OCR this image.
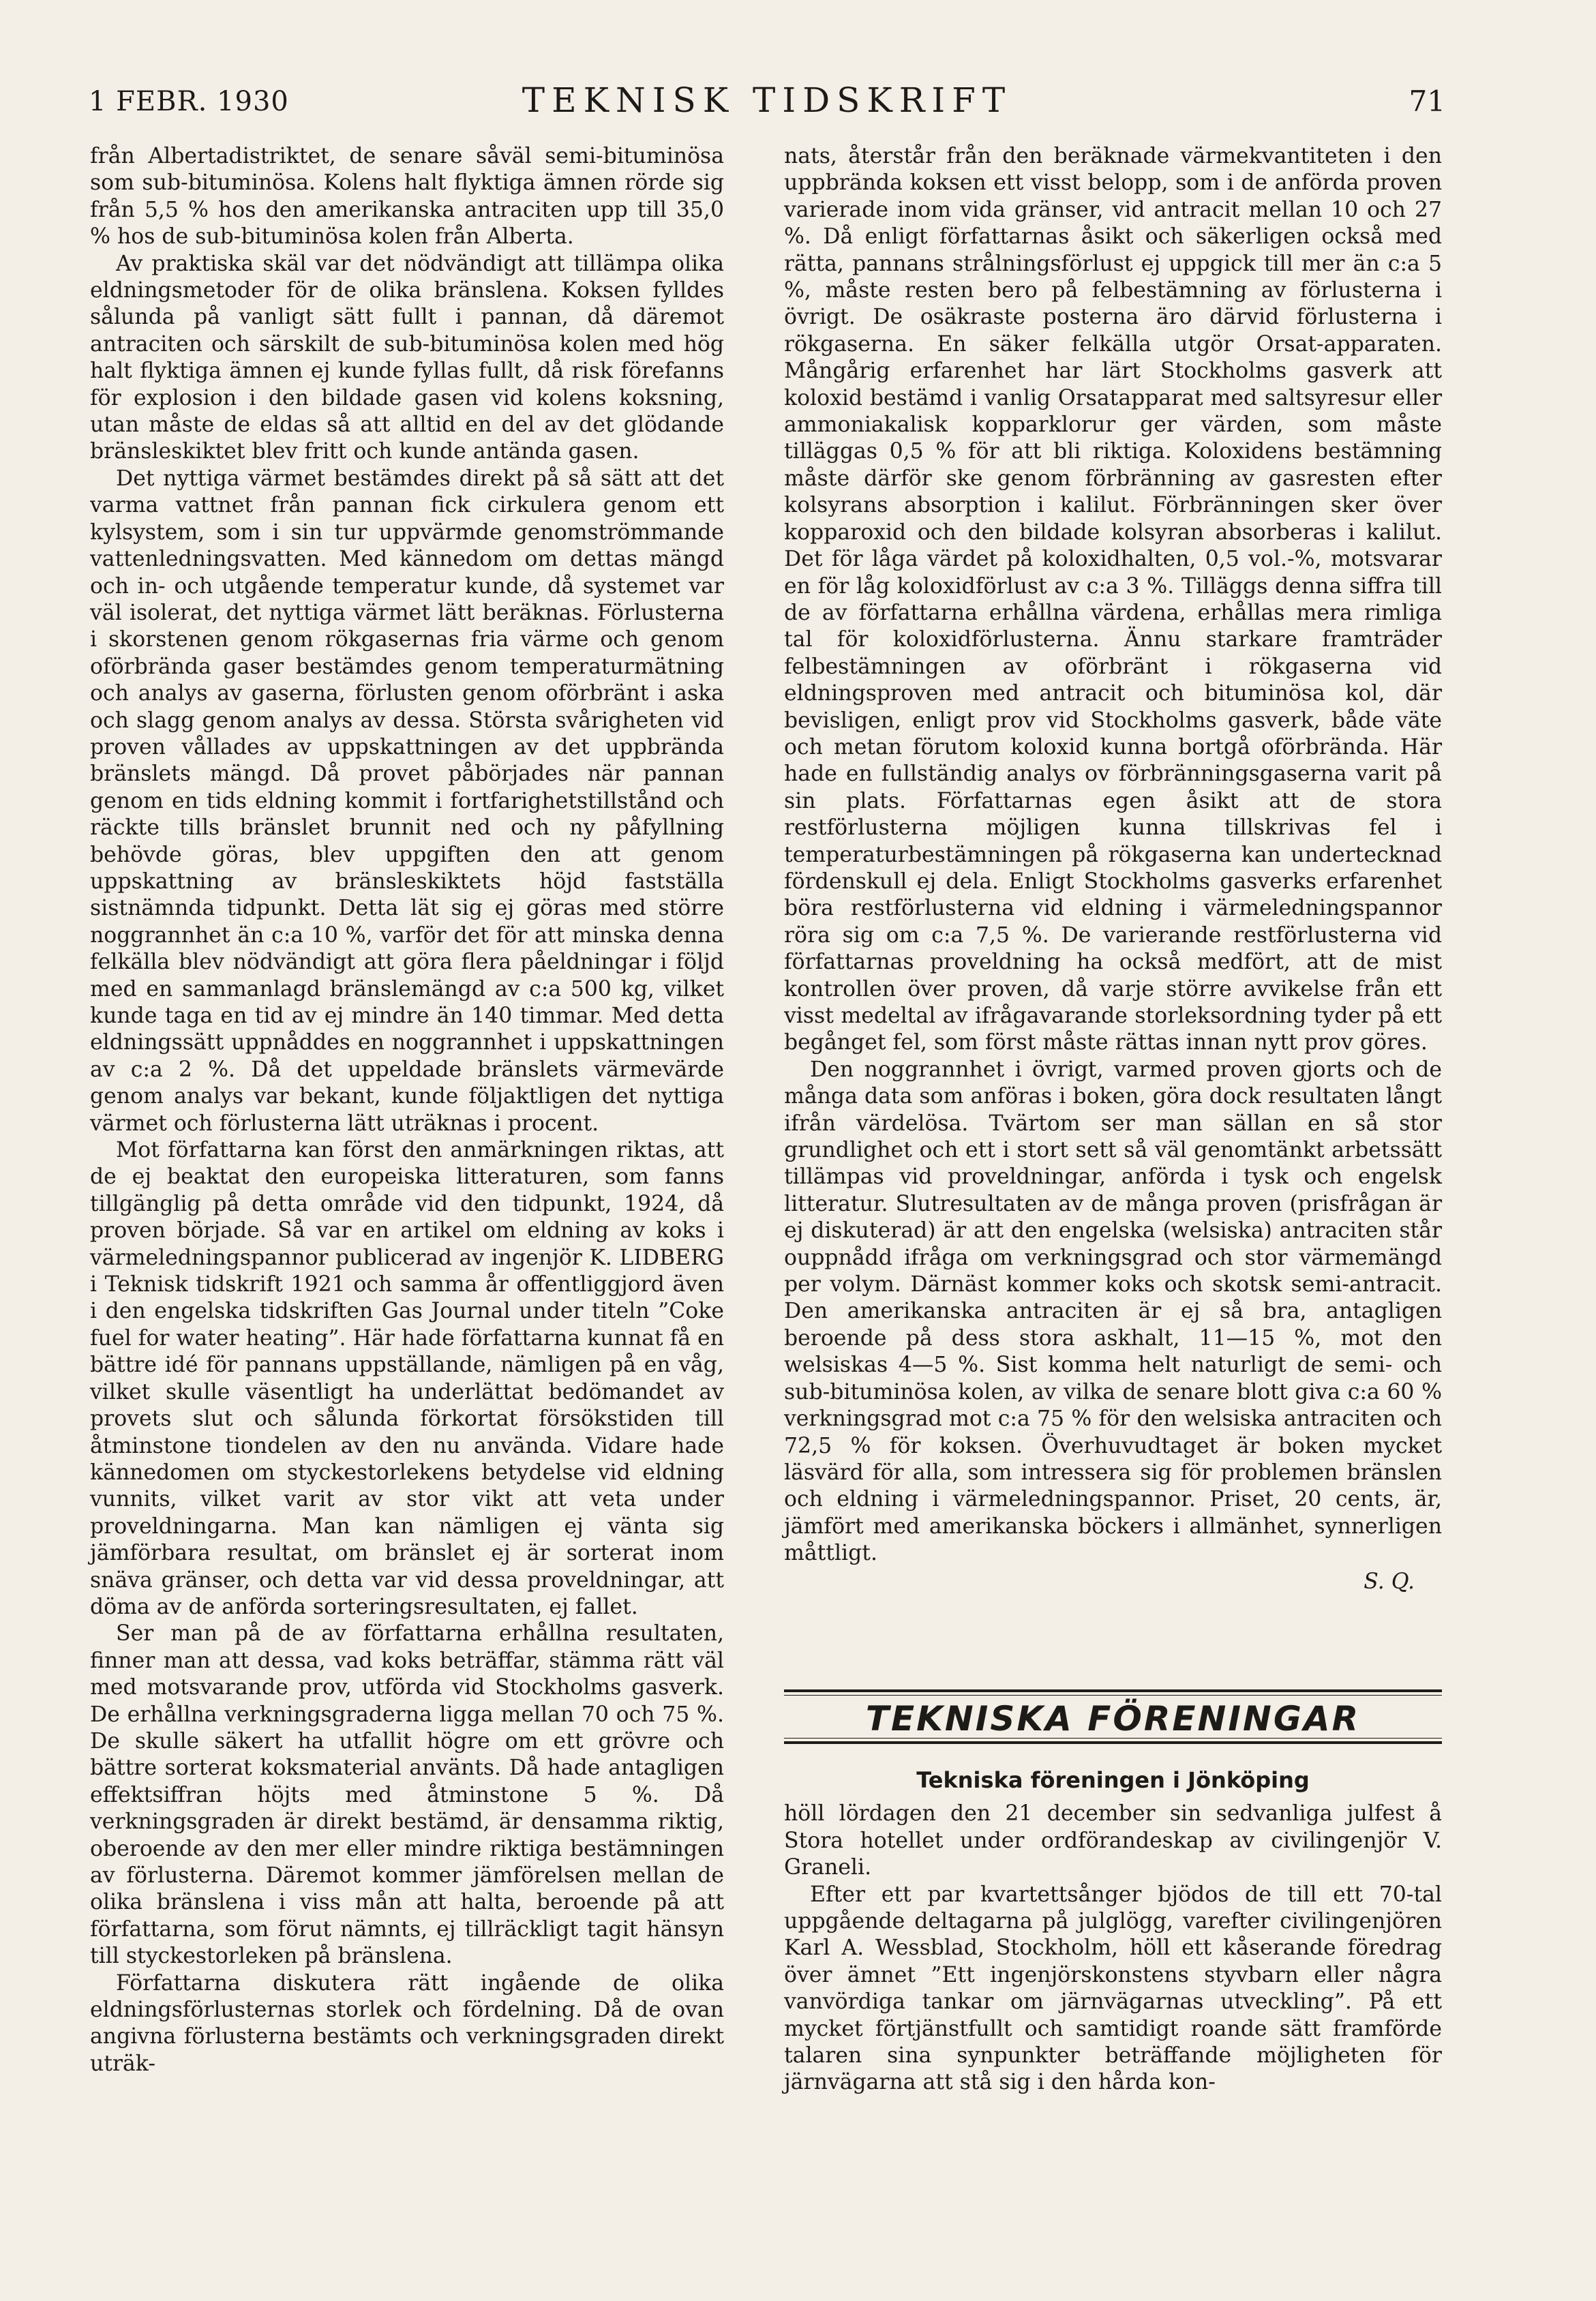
1 FEBR. 1930	TEKNISK TIDSKRIFT	71

från Albertadistriktet, de senare såväl semi-bituminösa som sub-bituminösa. Kolens halt flyktiga ämnen rörde sig från 5,5 % hos den amerikanska antraciten upp till 35,0 % hos de sub-bituminösa kolen från Alberta.

Av praktiska skäl var det nödvändigt att tillämpa olika eldningsmetoder för de olika bränslena. Koksen fylldes sålunda på vanligt sätt fullt i pannan, då däremot antraciten och särskilt de sub-bituminösa kolen med hög halt flyktiga ämnen ej kunde fyllas fullt, då risk förefanns för explosion i den bildade gasen vid kolens koksning, utan måste de eldas så att alltid en del av det glödande bränsleskiktet blev fritt och kunde antända gasen.

Det nyttiga värmet bestämdes direkt på så sätt att det varma vattnet från pannan fick cirkulera genom ett kylsystem, som i sin tur uppvärmde genomströmmande vattenledningsvatten. Med kännedom om dettas mängd och in- och utgående temperatur kunde, då systemet var väl isolerat, det nyttiga värmet lätt beräknas. Förlusterna i skorstenen genom rökgasernas fria värme och genom oförbrända gaser bestämdes genom temperaturmätning och analys av gaserna, förlusten genom oförbränt i aska och slagg genom analys av dessa. Största svårigheten vid proven vållades av uppskattningen av det uppbrända bränslets mängd. Då provet påbörjades när pannan genom en tids eldning kommit i fortfarighetstillstånd och räckte tills bränslet brunnit ned och ny påfyllning behövde göras, blev uppgiften den att genom uppskattning av bränsleskiktets höjd fastställa sistnämnda tidpunkt. Detta lät sig ej göras med större noggrannhet än c:a 10 %, varför det för att minska denna felkälla blev nödvändigt att göra flera påeldningar i följd med en sammanlagd bränslemängd av c:a 500 kg, vilket kunde taga en tid av ej mindre än 140 timmar. Med detta eldningssätt uppnåddes en noggrannhet i uppskattningen av c:a 2 %. Då det uppeldade bränslets värmevärde genom analys var bekant, kunde följaktligen det nyttiga värmet och förlusterna lätt uträknas i procent.

Mot författarna kan först den anmärkningen riktas, att de ej beaktat den europeiska litteraturen, som fanns tillgänglig på detta område vid den tidpunkt, 1924, då proven började. Så var en artikel om eldning av koks i värmeledningspannor publicerad av ingenjör K. LIDBERG i Teknisk tidskrift 1921 och samma år offentliggjord även i den engelska tidskriften Gas Journal under titeln ”Coke fuel for water heating”. Här hade författarna kunnat få en bättre idé för pannans uppställande, nämligen på en våg, vilket skulle väsentligt ha underlättat bedömandet av provets slut och sålunda förkortat försökstiden till åtminstone tiondelen av den nu använda. Vidare hade kännedomen om styckestorlekens betydelse vid eldning vunnits, vilket varit av stor vikt att veta under proveldningarna. Man kan nämligen ej vänta sig jämförbara resultat, om bränslet ej är sorterat inom snäva gränser, och detta var vid dessa proveldningar, att döma av de anförda sorteringsresultaten, ej fallet.

Ser man på de av författarna erhållna resultaten, finner man att dessa, vad koks beträffar, stämma rätt väl med motsvarande prov, utförda vid Stockholms gasverk. De erhållna verkningsgraderna ligga mellan 70 och 75 %. De skulle säkert ha utfallit högre om ett grövre och bättre sorterat koksmaterial använts. Då hade antagligen effektsiffran höjts med åtminstone 5 %. Då verkningsgraden är direkt bestämd, är densamma riktig, oberoende av den mer eller mindre riktiga bestämningen av förlusterna. Däremot kommer jämförelsen mellan de olika bränslena i viss mån att halta, beroende på att författarna, som förut nämnts, ej tillräckligt tagit hänsyn till styckestorleken på bränslena.

Författarna diskutera rätt ingående de olika eldningsförlusternas storlek och fördelning. Då de ovan angivna förlusterna bestämts och verkningsgraden direkt uträk-

nats, återstår från den beräknade värmekvantiteten i den uppbrända koksen ett visst belopp, som i de anförda proven varierade inom vida gränser, vid antracit mellan 10 och 27 %. Då enligt författarnas åsikt och säkerligen också med rätta, pannans strålningsförlust ej uppgick till mer än c:a 5 %, måste resten bero på felbestämning av förlusterna i övrigt. De osäkraste posterna äro därvid förlusterna i rökgaserna. En säker felkälla utgör Orsat-apparaten. Mångårig erfarenhet har lärt Stockholms gasverk att koloxid bestämd i vanlig Orsatapparat med saltsyresur eller ammoniakalisk kopparklorur ger värden, som måste tilläggas 0,5 % för att bli riktiga. Koloxidens bestämning måste därför ske genom förbränning av gasresten efter kolsyrans absorption i kalilut. Förbränningen sker över kopparoxid och den bildade kolsyran absorberas i kalilut. Det för låga värdet på koloxidhalten, 0,5 vol.-%, motsvarar en för låg koloxidförlust av c:a 3 %. Tilläggs denna siffra till de av författarna erhållna värdena, erhållas mera rimliga tal för koloxidförlusterna. Ännu starkare framträder felbestämningen av oförbränt i rökgaserna vid eldningsproven med antracit och bituminösa kol, där bevisligen, enligt prov vid Stockholms gasverk, både väte och metan förutom koloxid kunna bortgå oförbrända. Här hade en fullständig analys ov förbränningsgaserna varit på sin plats. Författarnas egen åsikt att de stora restförlusterna möjligen kunna tillskrivas fel i temperaturbestämningen på rökgaserna kan undertecknad fördenskull ej dela. Enligt Stockholms gasverks erfarenhet böra restförlusterna vid eldning i värmeledningspannor röra sig om c:a 7,5 %. De varierande restförlusterna vid författarnas proveldning ha också medfört, att de mist kontrollen över proven, då varje större avvikelse från ett visst medeltal av ifrågavarande storleksordning tyder på ett begånget fel, som först måste rättas innan nytt prov göres.

Den noggrannhet i övrigt, varmed proven gjorts och de många data som anföras i boken, göra dock resultaten långt ifrån värdelösa. Tvärtom ser man sällan en så stor grundlighet och ett i stort sett så väl genomtänkt arbetssätt tillämpas vid proveldningar, anförda i tysk och engelsk litteratur. Slutresultaten av de många proven (prisfrågan är ej diskuterad) är att den engelska (welsiska) antraciten står ouppnådd ifråga om verkningsgrad och stor värmemängd per volym. Därnäst kommer koks och skotsk semi-antracit. Den amerikanska antraciten är ej så bra, antagligen beroende på dess stora askhalt, 11—15 %, mot den welsiskas 4—5 %. Sist komma helt naturligt de semi- och sub-bituminösa kolen, av vilka de senare blott giva c:a 60 % verkningsgrad mot c:a 75 % för den welsiska antraciten och 72,5 % för koksen. Överhuvudtaget är boken mycket läsvärd för alla, som intressera sig för problemen bränslen och eldning i värmeledningspannor. Priset, 20 cents, är, jämfört med amerikanska böckers i allmänhet, synnerligen måttligt.

S. Q.

TEKNISKA FÖRENINGAR

Tekniska föreningen i Jönköping

höll lördagen den 21 december sin sedvanliga julfest å Stora hotellet under ordförandeskap av civilingenjör V. Graneli.

Efter ett par kvartettsånger bjödos de till ett 70-tal uppgående deltagarna på julglögg, varefter civilingenjören Karl A. Wessblad, Stockholm, höll ett kåserande föredrag över ämnet ”Ett ingenjörskonstens styvbarn eller några vanvördiga tankar om järnvägarnas utveckling”. På ett mycket förtjänstfullt och samtidigt roande sätt framförde talaren sina synpunkter beträffande möjligheten för järnvägarna att stå sig i den hårda kon-
